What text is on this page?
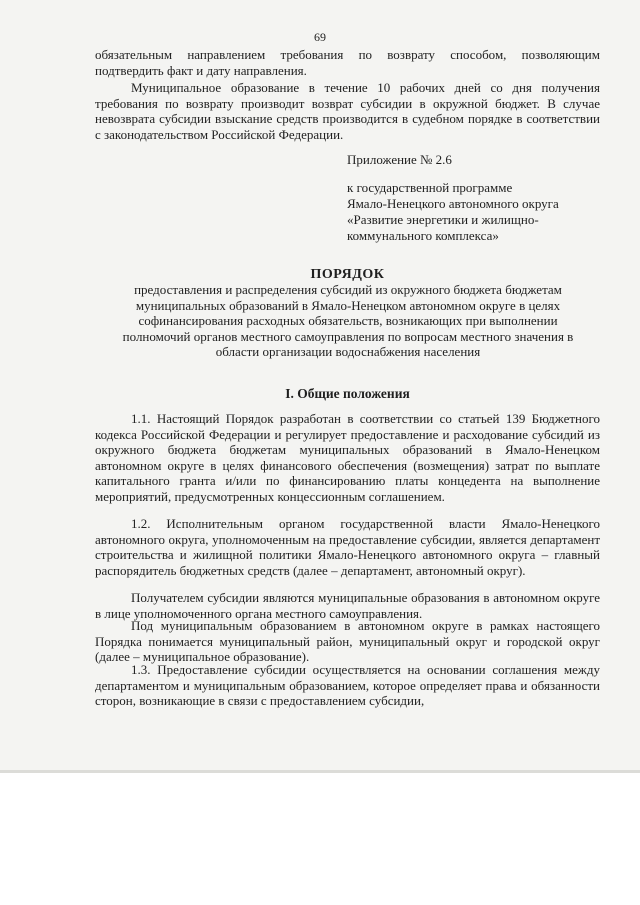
69

обязательным направлением требования по возврату способом, позволяющим

подтвердить факт и дату направления.

Муниципальное образование в течение 10 рабочих дней со дня получения требования по возврату производит возврат субсидии в окружной бюджет. В случае невозврата субсидии взыскание средств производится в судебном порядке в соответствии с законодательством Российской Федерации.

Приложение № 2.6

к государственной программе

Ямало-Ненецкого автономного округа

«Развитие энергетики и жилищно-

коммунального комплекса»

ПОРЯДОК
предоставления и распределения субсидий из окружного бюджета бюджетам муниципальных образований в Ямало-Ненецком автономном округе в целях софинансирования расходных обязательств, возникающих при выполнении полномочий органов местного самоуправления по вопросам местного значения в области организации водоснабжения населения
I. Общие положения

1.1. Настоящий Порядок разработан в соответствии со статьей 139 Бюджетного кодекса Российской Федерации и регулирует предоставление и расходование субсидий из окружного бюджета бюджетам муниципальных образований в Ямало-Ненецком автономном округе в целях финансового обеспечения (возмещения) затрат по выплате капитального гранта и/или по финансированию платы концедента на выполнение мероприятий, предусмотренных концессионным соглашением.

1.2. Исполнительным органом государственной власти Ямало-Ненецкого автономного округа, уполномоченным на предоставление субсидии, является департамент строительства и жилищной политики Ямало-Ненецкого автономного округа – главный распорядитель бюджетных средств (далее – департамент, автономный округ).

Получателем субсидии являются муниципальные образования в автономном округе в лице уполномоченного органа местного самоуправления.

Под муниципальным образованием в автономном округе в рамках настоящего Порядка понимается муниципальный район, муниципальный округ и городской округ (далее – муниципальное образование).

1.3. Предоставление субсидии осуществляется на основании соглашения между департаментом и муниципальным образованием, которое определяет права и обязанности сторон, возникающие в связи с предоставлением субсидии,
